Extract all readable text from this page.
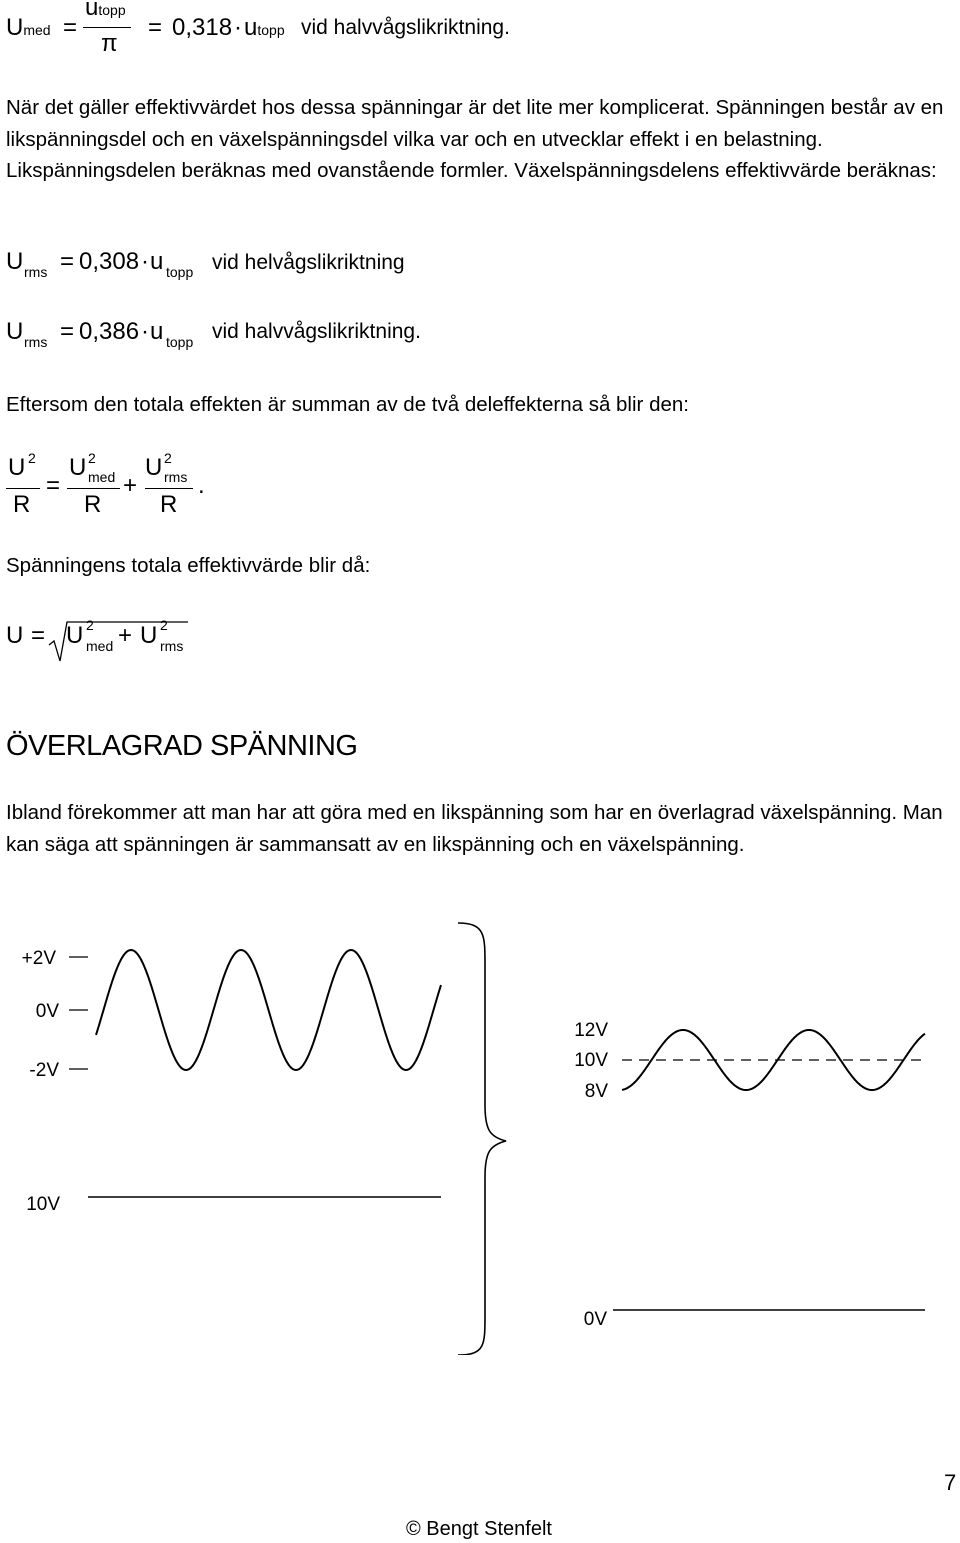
Umed =
utopp
π
= 0,318 · utopp vid halvvågslikriktning.
När det gäller effektivvärdet hos dessa spänningar är det lite mer komplicerat. Spänningen består av en likspänningsdel och en växelspänningsdel vilka var och en utvecklar effekt i en belastning. Likspänningsdelen beräknas med ovanstående formler. Växelspänningsdelens effektivvärde beräknas:
U rms = 0,308 · u topp vid helvågslikriktning
U rms = 0,386 · u topp vid halvvågslikriktning.
Eftersom den totala effekten är summan av de två deleffekterna så blir den:
U 2
R
=
U 2
med
R
+
U 2
rms
R
.
Spänningens totala effektivvärde blir då:
U = U 2
med + U 2
rms
ÖVERLAGRAD SPÄNNING
Ibland förekommer att man har att göra med en likspänning som har en överlagrad växelspänning. Man kan säga att spänningen är sammansatt av en likspänning och en växelspänning.
+2V
0V
-2V
10V
12V
10V
8V
0V
7
© Bengt Stenfelt
